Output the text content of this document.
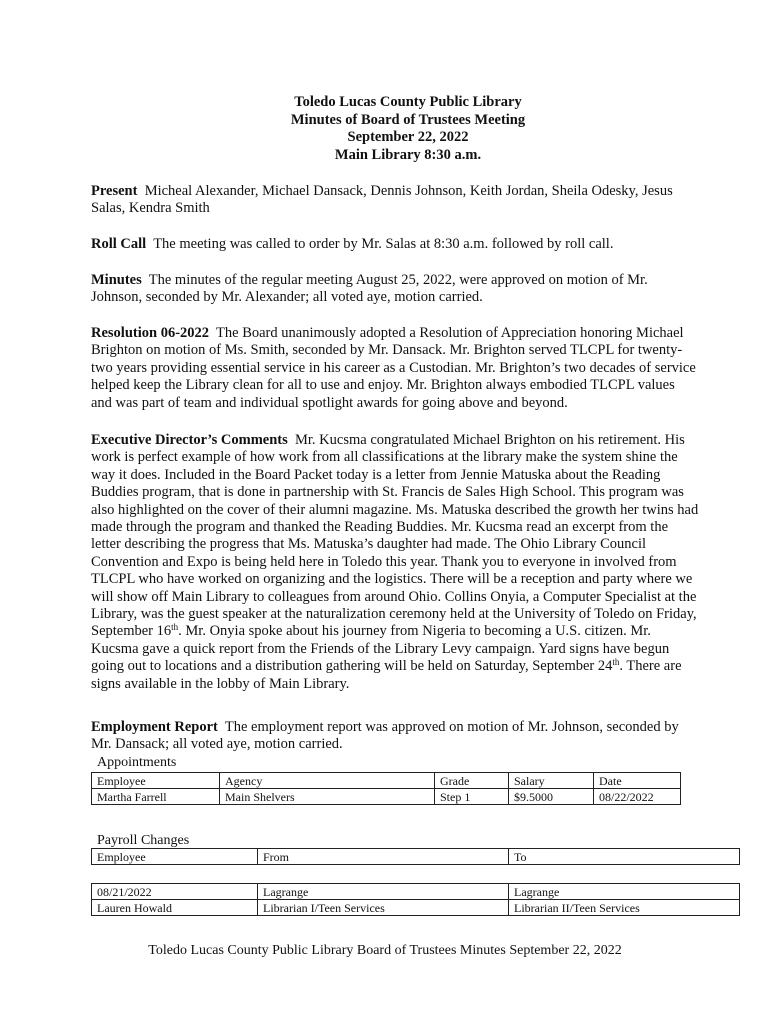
Toledo Lucas County Public Library
Minutes of Board of Trustees Meeting
September 22, 2022
Main Library 8:30 a.m.

Present Micheal Alexander, Michael Dansack, Dennis Johnson, Keith Jordan, Sheila Odesky, Jesus
Salas, Kendra Smith

Roll Call The meeting was called to order by Mr. Salas at 8:30 a.m. followed by roll call.

Minutes The minutes of the regular meeting August 25, 2022, were approved on motion of Mr.
Johnson, seconded by Mr. Alexander; all voted aye, motion carried.

Resolution 06-2022 The Board unanimously adopted a Resolution of Appreciation honoring Michael
Brighton on motion of Ms. Smith, seconded by Mr. Dansack. Mr. Brighton served TLCPL for twenty-
two years providing essential service in his career as a Custodian. Mr. Brighton’s two decades of service
helped keep the Library clean for all to use and enjoy. Mr. Brighton always embodied TLCPL values
and was part of team and individual spotlight awards for going above and beyond.

Executive Director’s Comments Mr. Kucsma congratulated Michael Brighton on his retirement. His
work is perfect example of how work from all classifications at the library make the system shine the
way it does. Included in the Board Packet today is a letter from Jennie Matuska about the Reading
Buddies program, that is done in partnership with St. Francis de Sales High School. This program was
also highlighted on the cover of their alumni magazine. Ms. Matuska described the growth her twins had
made through the program and thanked the Reading Buddies. Mr. Kucsma read an excerpt from the
letter describing the progress that Ms. Matuska’s daughter had made. The Ohio Library Council
Convention and Expo is being held here in Toledo this year. Thank you to everyone in involved from
TLCPL who have worked on organizing and the logistics. There will be a reception and party where we
will show off Main Library to colleagues from around Ohio. Collins Onyia, a Computer Specialist at the
Library, was the guest speaker at the naturalization ceremony held at the University of Toledo on Friday,
September 16th. Mr. Onyia spoke about his journey from Nigeria to becoming a U.S. citizen. Mr.
Kucsma gave a quick report from the Friends of the Library Levy campaign. Yard signs have begun
going out to locations and a distribution gathering will be held on Saturday, September 24th. There are
signs available in the lobby of Main Library.

Employment Report The employment report was approved on motion of Mr. Johnson, seconded by
Mr. Dansack; all voted aye, motion carried.

Appointments
Employee	Agency	Grade	Salary	Date
Martha Farrell	Main Shelvers	Step 1	$9.5000	08/22/2022
Payroll Changes
Employee	From	To
08/21/2022	Lagrange	Lagrange
Lauren Howald	Librarian I/Teen Services	Librarian II/Teen Services
Toledo Lucas County Public Library Board of Trustees Minutes September 22, 2022
